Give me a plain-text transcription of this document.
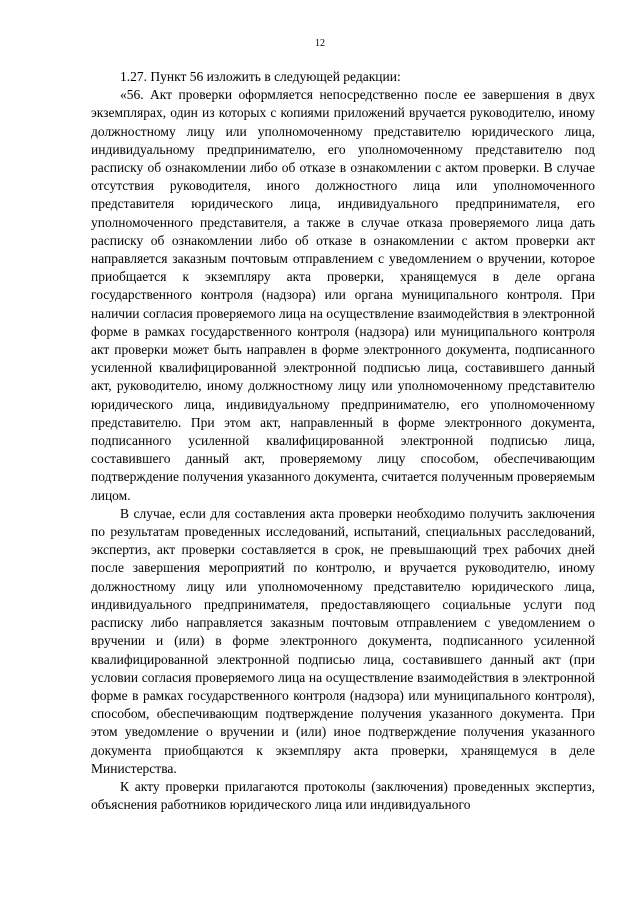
12

1.27. Пункт 56 изложить в следующей редакции:

«56. Акт проверки оформляется непосредственно после ее завершения в двух экземплярах, один из которых с копиями приложений вручается руководителю, иному должностному лицу или уполномоченному представителю юридического лица, индивидуальному предпринимателю, его уполномоченному представителю под расписку об ознакомлении либо об отказе в ознакомлении с актом проверки. В случае отсутствия руководителя, иного должностного лица или уполномоченного представителя юридического лица, индивидуального предпринимателя, его уполномоченного представителя, а также в случае отказа проверяемого лица дать расписку об ознакомлении либо об отказе в ознакомлении с актом проверки акт направляется заказным почтовым отправлением с уведомлением о вручении, которое приобщается к экземпляру акта проверки, хранящемуся в деле органа государственного контроля (надзора) или органа муниципального контроля. При наличии согласия проверяемого лица на осуществление взаимодействия в электронной форме в рамках государственного контроля (надзора) или муниципального контроля акт проверки может быть направлен в форме электронного документа, подписанного усиленной квалифицированной электронной подписью лица, составившего данный акт, руководителю, иному должностному лицу или уполномоченному представителю юридического лица, индивидуальному предпринимателю, его уполномоченному представителю. При этом акт, направленный в форме электронного документа, подписанного усиленной квалифицированной электронной подписью лица, составившего данный акт, проверяемому лицу способом, обеспечивающим подтверждение получения указанного документа, считается полученным проверяемым лицом.

В случае, если для составления акта проверки необходимо получить заключения по результатам проведенных исследований, испытаний, специальных расследований, экспертиз, акт проверки составляется в срок, не превышающий трех рабочих дней после завершения мероприятий по контролю, и вручается руководителю, иному должностному лицу или уполномоченному представителю юридического лица, индивидуального предпринимателя, предоставляющего социальные услуги под расписку либо направляется заказным почтовым отправлением с уведомлением о вручении и (или) в форме электронного документа, подписанного усиленной квалифицированной электронной подписью лица, составившего данный акт (при условии согласия проверяемого лица на осуществление взаимодействия в электронной форме в рамках государственного контроля (надзора) или муниципального контроля), способом, обеспечивающим подтверждение получения указанного документа. При этом уведомление о вручении и (или) иное подтверждение получения указанного документа приобщаются к экземпляру акта проверки, хранящемуся в деле Министерства.

К акту проверки прилагаются протоколы (заключения) проведенных экспертиз, объяснения работников юридического лица или индивидуального
